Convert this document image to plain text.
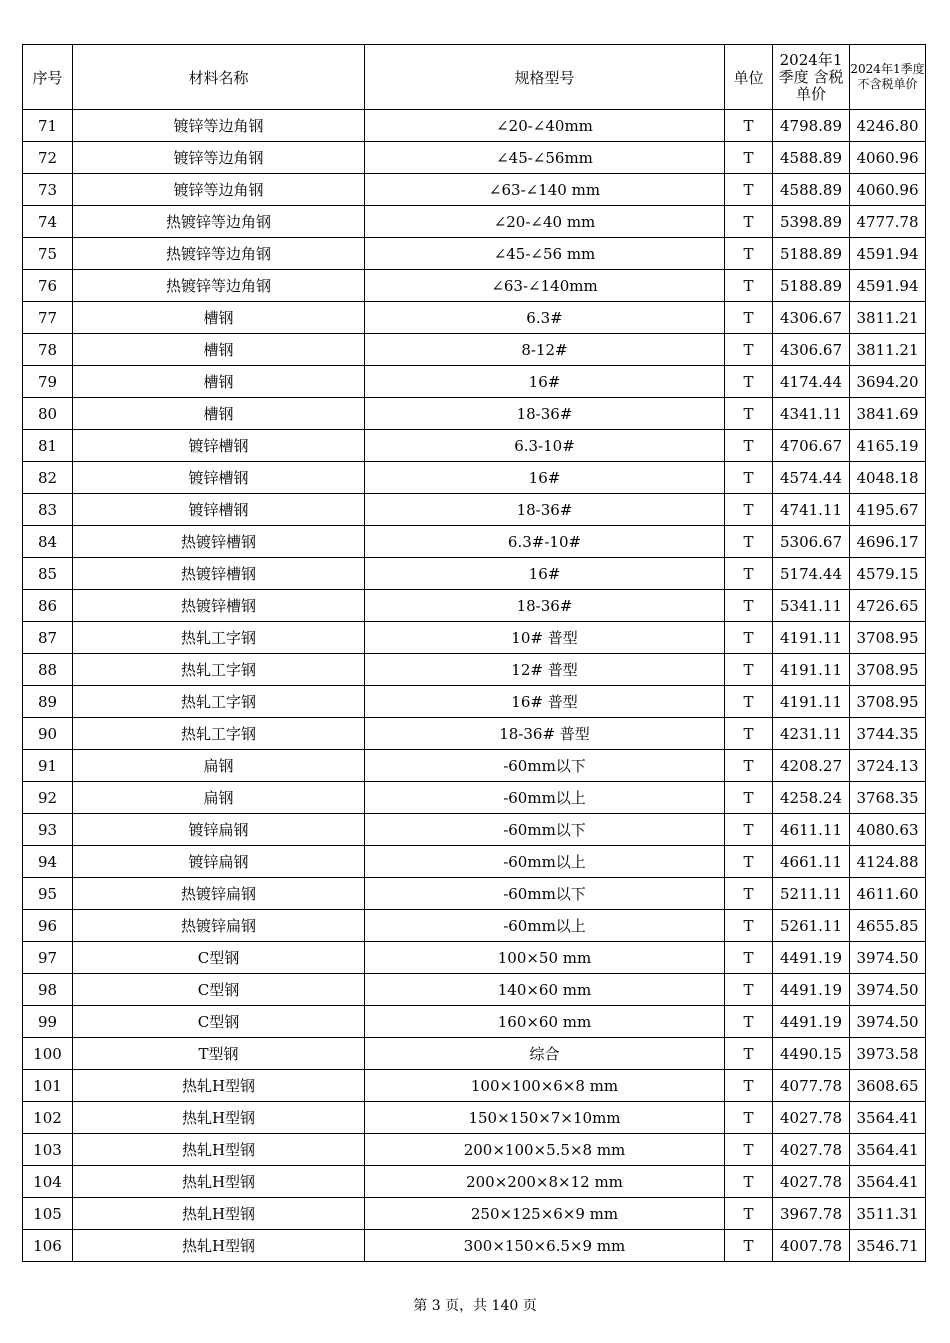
序号	材料名称	规格型号	单位	2024年1季度 含税单价	2024年1季度 不含税单价
71	镀锌等边角钢	∠20-∠40mm	T	4798.89	4246.80
72	镀锌等边角钢	∠45-∠56mm	T	4588.89	4060.96
73	镀锌等边角钢	∠63-∠140 mm	T	4588.89	4060.96
74	热镀锌等边角钢	∠20-∠40 mm	T	5398.89	4777.78
75	热镀锌等边角钢	∠45-∠56 mm	T	5188.89	4591.94
76	热镀锌等边角钢	∠63-∠140mm	T	5188.89	4591.94
77	槽钢	6.3#	T	4306.67	3811.21
78	槽钢	8-12#	T	4306.67	3811.21
79	槽钢	16#	T	4174.44	3694.20
80	槽钢	18-36#	T	4341.11	3841.69
81	镀锌槽钢	6.3-10#	T	4706.67	4165.19
82	镀锌槽钢	16#	T	4574.44	4048.18
83	镀锌槽钢	18-36#	T	4741.11	4195.67
84	热镀锌槽钢	6.3#-10#	T	5306.67	4696.17
85	热镀锌槽钢	16#	T	5174.44	4579.15
86	热镀锌槽钢	18-36#	T	5341.11	4726.65
87	热轧工字钢	10# 普型	T	4191.11	3708.95
88	热轧工字钢	12# 普型	T	4191.11	3708.95
89	热轧工字钢	16# 普型	T	4191.11	3708.95
90	热轧工字钢	18-36# 普型	T	4231.11	3744.35
91	扁钢	-60mm以下	T	4208.27	3724.13
92	扁钢	-60mm以上	T	4258.24	3768.35
93	镀锌扁钢	-60mm以下	T	4611.11	4080.63
94	镀锌扁钢	-60mm以上	T	4661.11	4124.88
95	热镀锌扁钢	-60mm以下	T	5211.11	4611.60
96	热镀锌扁钢	-60mm以上	T	5261.11	4655.85
97	C型钢	100×50 mm	T	4491.19	3974.50
98	C型钢	140×60 mm	T	4491.19	3974.50
99	C型钢	160×60 mm	T	4491.19	3974.50
100	T型钢	综合	T	4490.15	3973.58
101	热轧H型钢	100×100×6×8 mm	T	4077.78	3608.65
102	热轧H型钢	150×150×7×10mm	T	4027.78	3564.41
103	热轧H型钢	200×100×5.5×8 mm	T	4027.78	3564.41
104	热轧H型钢	200×200×8×12 mm	T	4027.78	3564.41
105	热轧H型钢	250×125×6×9 mm	T	3967.78	3511.31
106	热轧H型钢	300×150×6.5×9 mm	T	4007.78	3546.71
第 3 页，共 140 页
